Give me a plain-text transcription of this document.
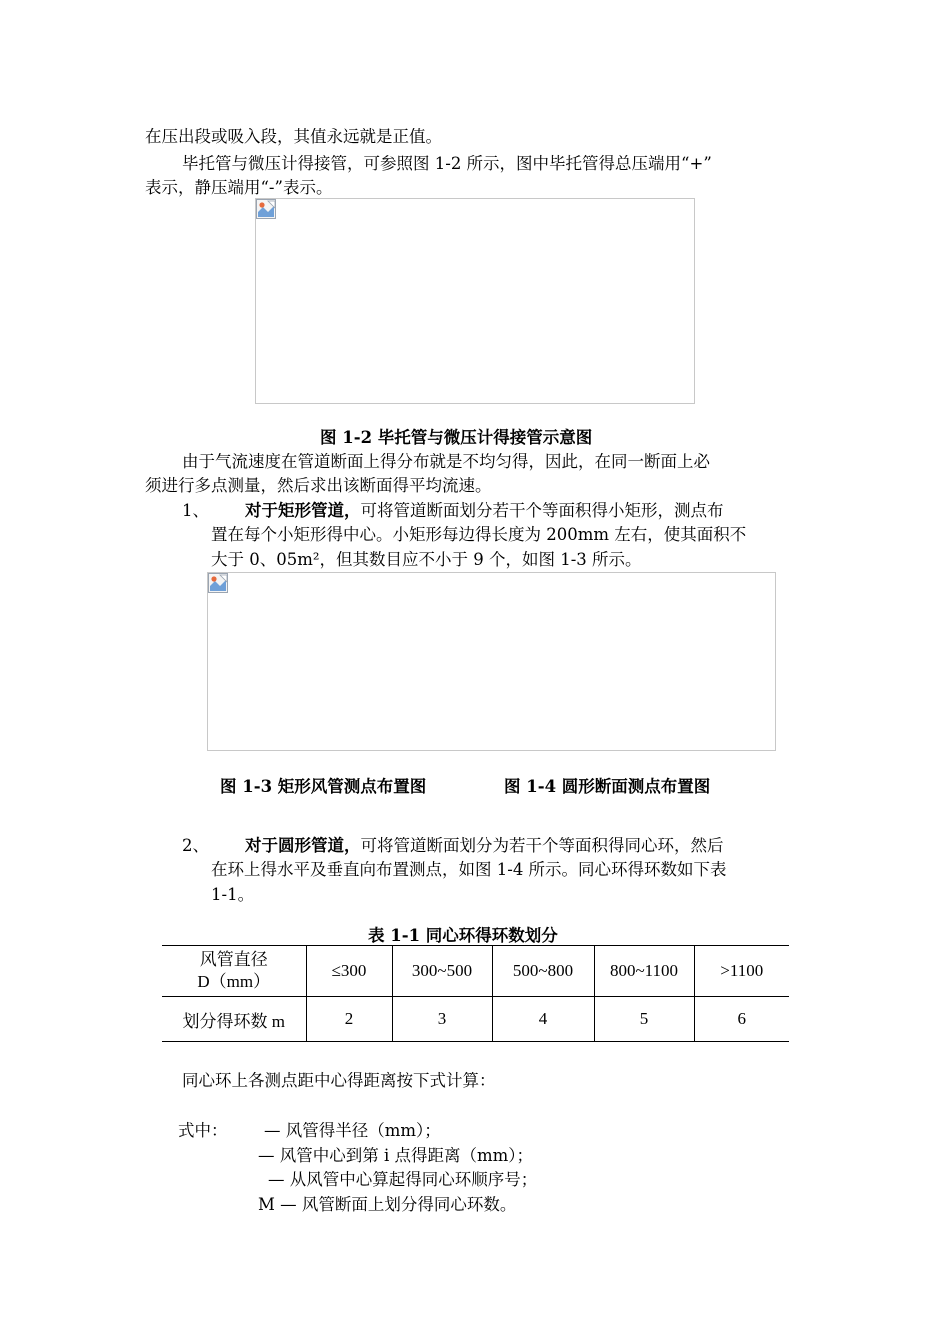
在压出段或吸入段，其值永远就是正值。
毕托管与微压计得接管，可参照图 1-2 所示，图中毕托管得总压端用“+”
表示，静压端用“-”表示。
图 1-2 毕托管与微压计得接管示意图
由于气流速度在管道断面上得分布就是不均匀得，因此，在同一断面上必
须进行多点测量，然后求出该断面得平均流速。
1、 对于矩形管道，可将管道断面划分若干个等面积得小矩形，测点布
置在每个小矩形得中心。小矩形每边得长度为 200mm 左右，使其面积不
大于 0、05m²，但其数目应不小于 9 个，如图 1-3 所示。
图 1-3 矩形风管测点布置图	图 1-4 圆形断面测点布置图
2、 对于圆形管道，可将管道断面划分为若干个等面积得同心环，然后
在环上得水平及垂直向布置测点，如图 1-4 所示。同心环得环数如下表
1-1。
表 1-1 同心环得环数划分
风管直径
D（mm）	≤300	300~500	500~800	800~1100	>1100
划分得环数 m	2	3	4	5	6
同心环上各测点距中心得距离按下式计算：
式中： — 风管得半径（mm）；
— 风管中心到第 i 点得距离（mm）；
— 从风管中心算起得同心环顺序号；
M — 风管断面上划分得同心环数。
